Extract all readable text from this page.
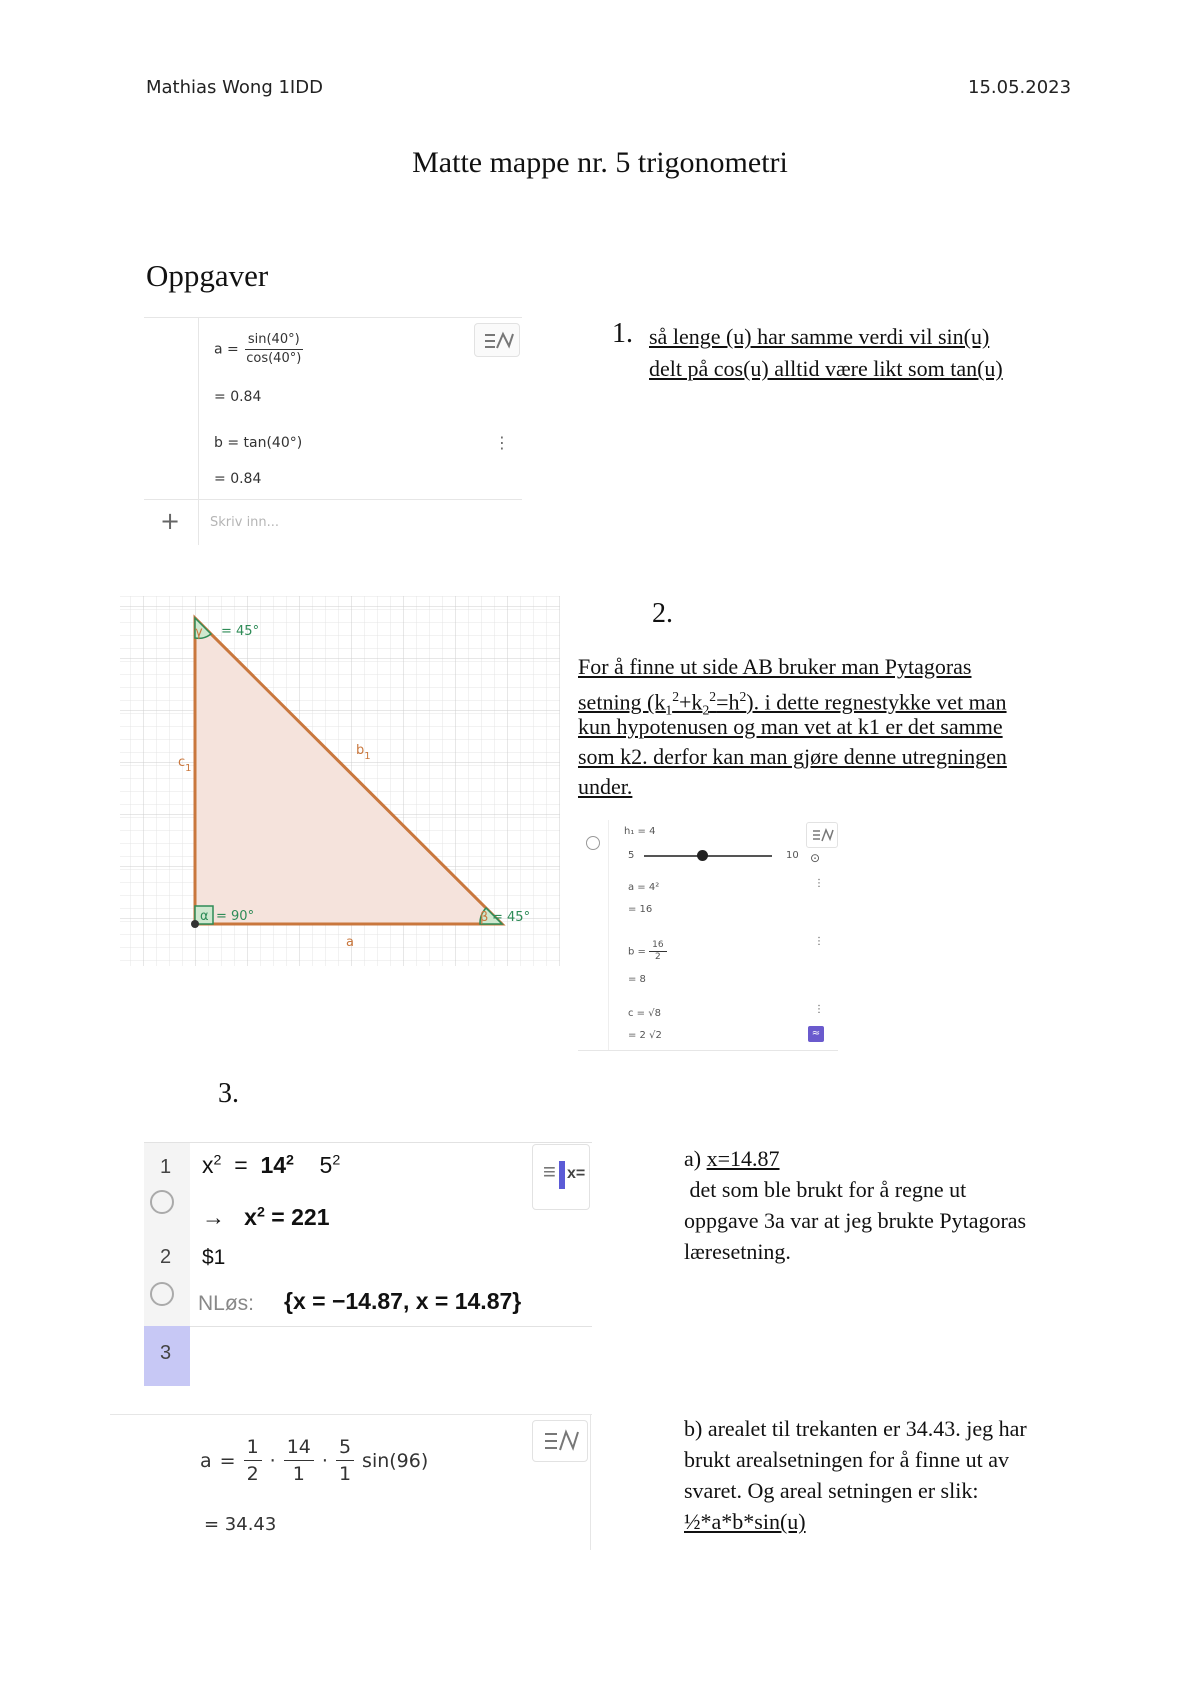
Mathias Wong 1IDD	15.05.2023
Matte mappe nr. 5 trigonometri
Oppgaver
$a = \frac{\sin(40^\circ)}{\cos(40^\circ)}$
= 0.84
b = tan(40°)	⋮
= 0.84
+ Skriv inn...
1. så lenge (u) har samme verdi vil sin(u)
delt på cos(u) alltid være likt som tan(u)
γ = 45°
α = 90°	β = 45°
$c_1$
$b_1$
a
2.
For å finne ut side AB bruker man Pytagoras
setning $(k_1^2+k_2^2=h^2)$. i dette regnestykke vet man
kun hypotenusen og man vet at k1 er det samme
som k2. derfor kan man gjøre denne utregningen
under.
h₁ = 4
5	10 ⊙
a = 4²	⋮
= 16
$b = \frac{16}{2}$	⋮
= 8
c = √8	⋮
= 2 √2	≈
3.
≡ x=
1 $x^2 = 14^2$    $5^2$
→ $x^2 = 221$
2 $1
NLøs: {x = −14.87, x = 14.87}
3
a) x=14.87
det som ble brukt for å regne ut
oppgave 3a var at jeg brukte Pytagoras
læresetning.
$a = \frac{1}{2} \cdot \frac{14}{1} \cdot \frac{5}{1} \sin(96)$
= 34.43
b) arealet til trekanten er 34.43. jeg har
brukt arealsetningen for å finne ut av
svaret. Og areal setningen er slik:
½*a*b*sin(u)
